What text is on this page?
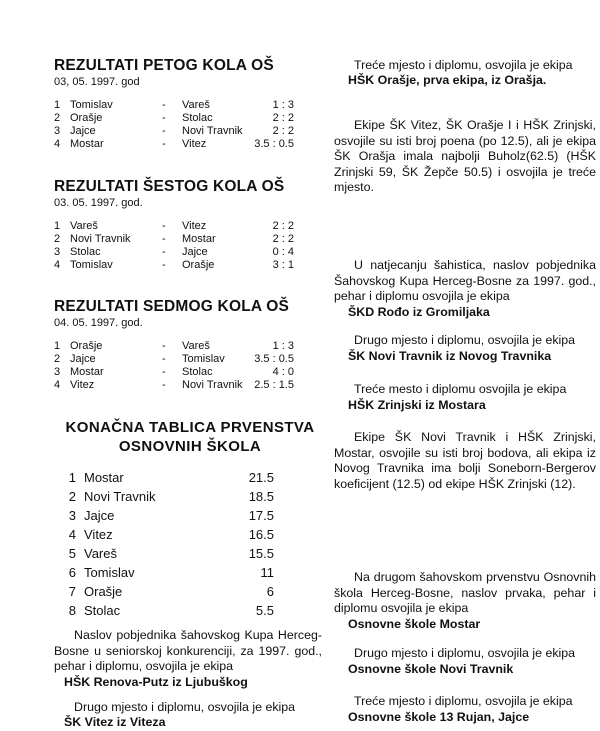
REZULTATI PETOG KOLA OŠ
03, 05. 1997. god
1 Tomislav	- Vareš	1 : 3
2 Orašje	- Stolac	2 : 2
3 Jajce	- Novi Travnik	2 : 2
4 Mostar	- Vitez	3.5 : 0.5
REZULTATI ŠESTOG KOLA OŠ
03. 05. 1997. god.
1 Vareš	- Vitez	2 : 2
2 Novi Travnik	- Mostar	2 : 2
3 Stolac	- Jajce	0 : 4
4 Tomislav	- Orašje	3 : 1
REZULTATI SEDMOG KOLA OŠ
04. 05. 1997. god.
1 Orašje	- Vareš	1 : 3
2 Jajce	- Tomislav	3.5 : 0.5
3 Mostar	- Stolac	4 : 0
4 Vitez	- Novi Travnik	2.5 : 1.5
KONAČNA TABLICA PRVENSTVA
OSNOVNIH ŠKOLA
1 Mostar	21.5
2 Novi Travnik	18.5
3 Jajce	17.5
4 Vitez	16.5
5 Vareš	15.5
6 Tomislav	11
7 Orašje	6
8 Stolac	5.5
Naslov pobjednika šahovskog Kupa Herceg-Bosne u seniorskoj konkurenciji, za 1997. god., pehar i diplomu, osvojila je ekipa
HŠK Renova-Putz iz Ljubuškog
Drugo mjesto i diplomu, osvojila je ekipa
ŠK Vitez iz Viteza
Treće mjesto i diplomu, osvojila je ekipa
HŠK Orašje, prva ekipa, iz Orašja.
Ekipe ŠK Vitez, ŠK Orašje I i HŠK Zrinjski, osvojile su isti broj poena (po 12.5), ali je ekipa ŠK Orašja imala najbolji Buholz(62.5) (HŠK Zrinjski 59, ŠK Žepče 50.5) i osvojila je treće mjesto.
U natjecanju šahistica, naslov pobjednika Šahovskog Kupa Herceg-Bosne za 1997. god., pehar i diplomu osvojila je ekipa
ŠKD Rođo iz Gromiljaka
Drugo mjesto i diplomu, osvojila je ekipa
ŠK Novi Travnik iz Novog Travnika
Treće mesto i diplomu osvojila je ekipa
HŠK Zrinjski iz Mostara
Ekipe ŠK Novi Travnik i HŠK Zrinjski, Mostar, osvojile su isti broj bodova, ali ekipa iz Novog Travnika ima bolji Soneborn-Bergerov koeficijent (12.5) od ekipe HŠK Zrinjski (12).
Na drugom šahovskom prvenstvu Osnovnih škola Herceg-Bosne, naslov prvaka, pehar i diplomu osvojila je ekipa
Osnovne škole Mostar
Drugo mjesto i diplomu, osvojila je ekipa
Osnovne škole Novi Travnik
Treće mjesto i diplomu, osvojila je ekipa
Osnovne škole 13 Rujan, Jajce
